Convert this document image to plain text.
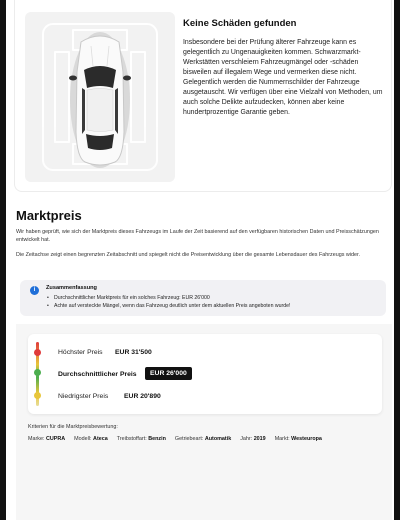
Keine Schäden gefunden
Insbesondere bei der Prüfung älterer Fahrzeuge kann es gelegentlich zu Ungenauigkeiten kommen. Schwarzmarkt-Werkstätten verschleiern Fahrzeugmängel oder -schäden bisweilen auf illegalem Wege und vermerken diese nicht. Gelegentlich werden die Nummernschilder der Fahrzeuge ausgetauscht. Wir verfügen über eine Vielzahl von Methoden, um auch solche Delikte aufzudecken, können aber keine hundertprozentige Garantie geben.
Marktpreis
Wir haben geprüft, wie sich der Marktpreis dieses Fahrzeugs im Laufe der Zeit basierend auf den verfügbaren historischen Daten und Preisschätzungen entwickelt hat.
Die Zeitachse zeigt einen begrenzten Zeitabschnitt und spiegelt nicht die Preisentwicklung über die gesamte Lebensdauer des Fahrzeugs wider.
i	Zusammenfassung
• Durchschnittlicher Marktpreis für ein solches Fahrzeug: EUR 26'000
• Achte auf versteckte Mängel, wenn das Fahrzeug deutlich unter dem aktuellen Preis angeboten wurde!
Höchster Preis EUR 31'500
Durchschnittlicher Preis	EUR 26'000
Niedrigster Preis EUR 20'890
Kriterien für die Marktpreisbewertung:
Marke: CUPRA Modell: Ateca Treibstoffart: Benzin Getriebeart: Automatik Jahr: 2019 Markt: Westeuropa
